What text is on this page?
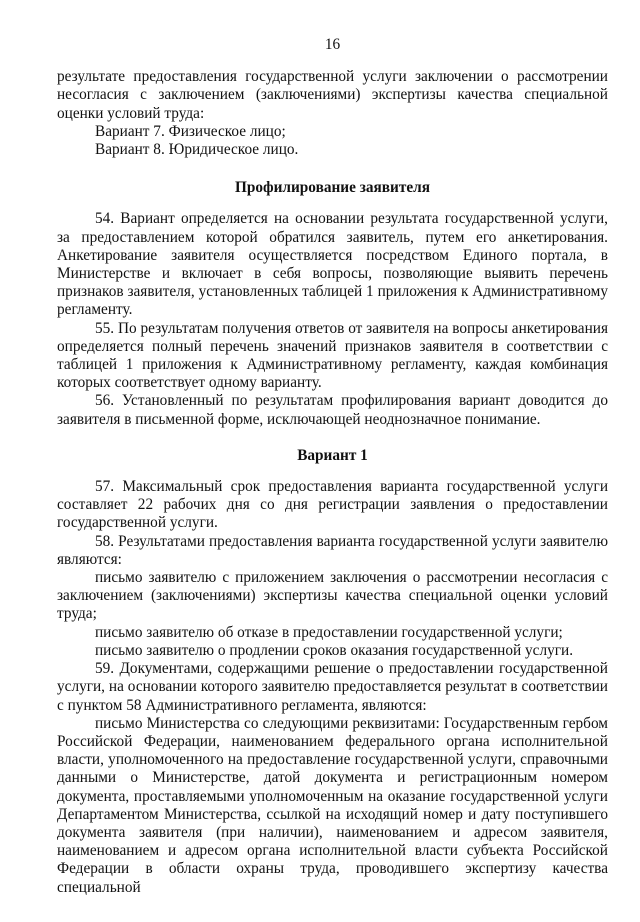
16

результате предоставления государственной услуги заключении о рассмотрении несогласия с заключением (заключениями) экспертизы качества специальной оценки условий труда:

Вариант 7. Физическое лицо;

Вариант 8. Юридическое лицо.

Профилирование заявителя

54. Вариант определяется на основании результата государственной услуги, за предоставлением которой обратился заявитель, путем его анкетирования. Анкетирование заявителя осуществляется посредством Единого портала, в Министерстве и включает в себя вопросы, позволяющие выявить перечень признаков заявителя, установленных таблицей 1 приложения к Административному регламенту.

55. По результатам получения ответов от заявителя на вопросы анкетирования определяется полный перечень значений признаков заявителя в соответствии с таблицей 1 приложения к Административному регламенту, каждая комбинация которых соответствует одному варианту.

56. Установленный по результатам профилирования вариант доводится до заявителя в письменной форме, исключающей неоднозначное понимание.

Вариант 1

57. Максимальный срок предоставления варианта государственной услуги составляет 22 рабочих дня со дня регистрации заявления о предоставлении государственной услуги.

58. Результатами предоставления варианта государственной услуги заявителю являются:

письмо заявителю с приложением заключения о рассмотрении несогласия с заключением (заключениями) экспертизы качества специальной оценки условий труда;

письмо заявителю об отказе в предоставлении государственной услуги;

письмо заявителю о продлении сроков оказания государственной услуги.

59. Документами, содержащими решение о предоставлении государственной услуги, на основании которого заявителю предоставляется результат в соответствии с пунктом 58 Административного регламента, являются:

письмо Министерства со следующими реквизитами: Государственным гербом Российской Федерации, наименованием федерального органа исполнительной власти, уполномоченного на предоставление государственной услуги, справочными данными о Министерстве, датой документа и регистрационным номером документа, проставляемыми уполномоченным на оказание государственной услуги Департаментом Министерства, ссылкой на исходящий номер и дату поступившего документа заявителя (при наличии), наименованием и адресом заявителя, наименованием и адресом органа исполнительной власти субъекта Российской Федерации в области охраны труда, проводившего экспертизу качества специальной
